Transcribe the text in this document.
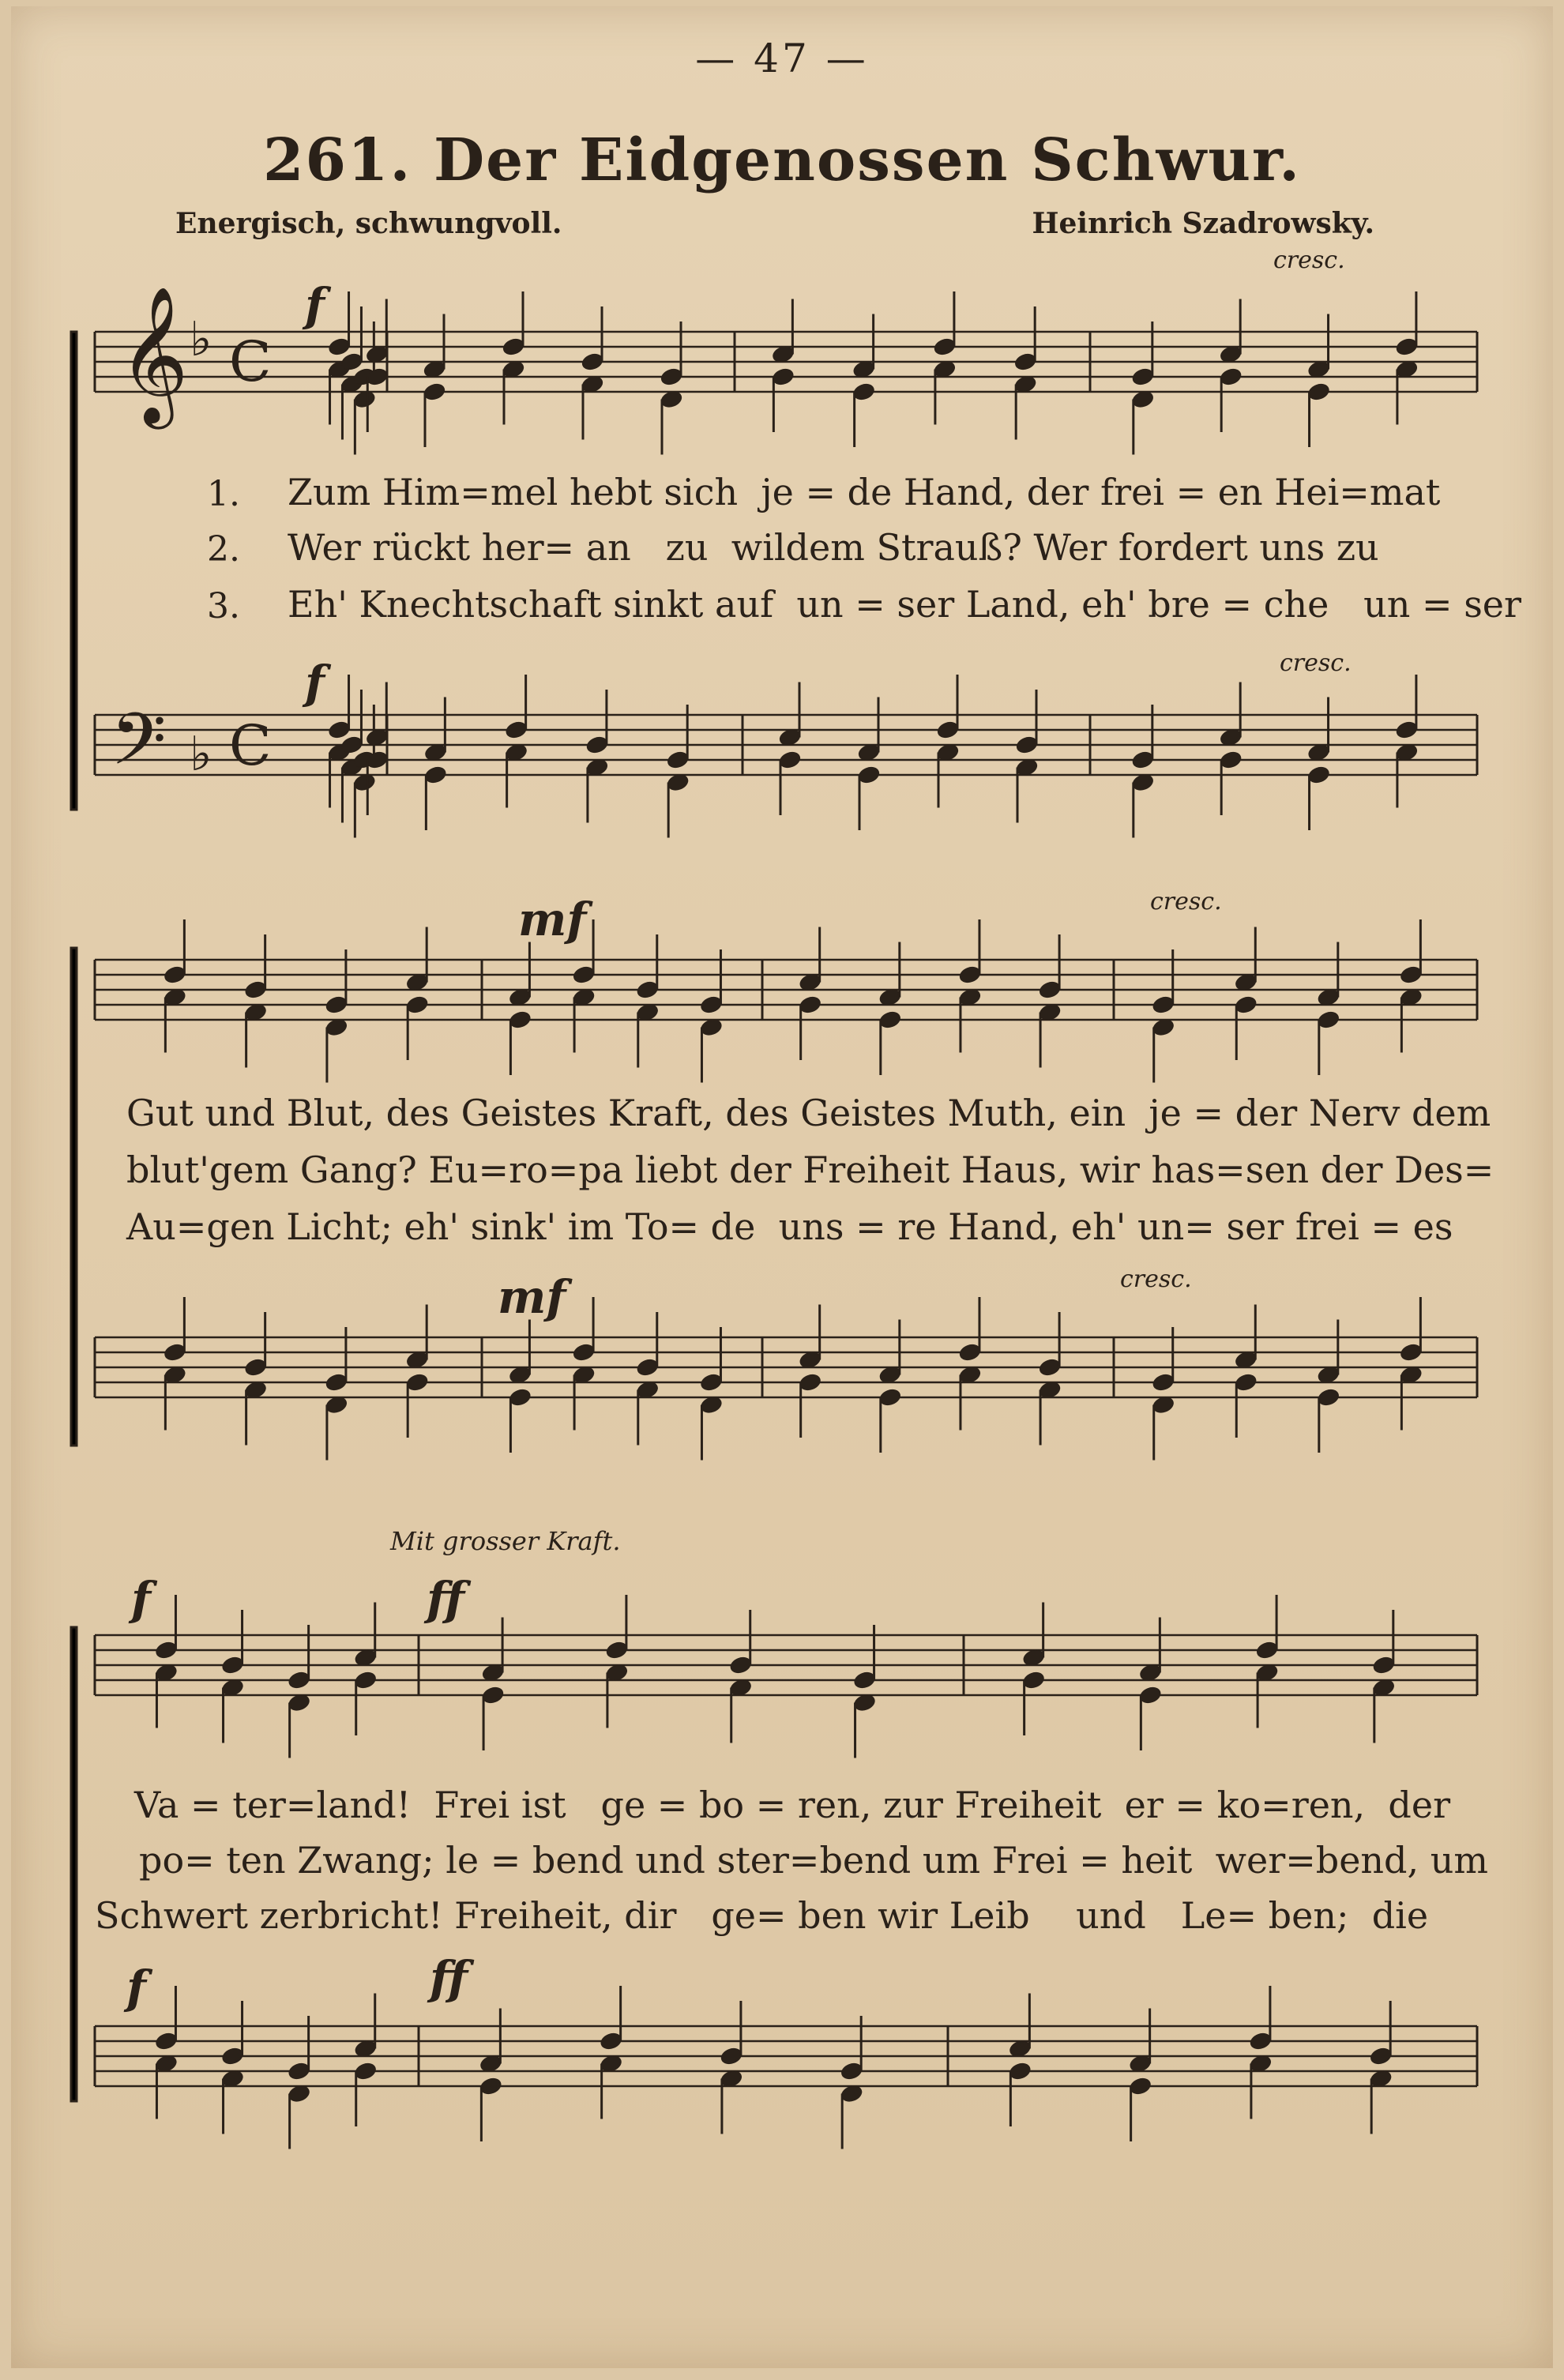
— 47 —
261. Der Eidgenossen Schwur.
Energisch, schwungvoll.	Heinrich Szadrowsky.
f
cresc.
f	cresc.
mf	cresc.
mf	cresc.
Mit grosser Kraft.
f	ff
f	ff
1.
2.
3.
Zum Him=mel hebt sich  je = de Hand, der frei = en Hei=mat
Wer rückt her= an   zu  wildem Strauß? Wer fordert uns zu
Eh' Knechtschaft sinkt auf  un = ser Land, eh' bre = che   un = ser
Gut und Blut, des Geistes Kraft, des Geistes Muth, ein  je = der Nerv dem
blut'gem Gang? Eu=ro=pa liebt der Freiheit Haus, wir has=sen der Des=
Au=gen Licht; eh' sink' im To= de  uns = re Hand, eh' un= ser frei = es
Va = ter=land!  Frei ist   ge = bo = ren, zur Freiheit  er = ko=ren,  der
po= ten Zwang; le = bend und ster=bend um Frei = heit  wer=bend, um
Schwert zerbricht! Freiheit, dir   ge= ben wir Leib    und   Le= ben;  die
𝄞
𝄢
♭
♭
C
C
